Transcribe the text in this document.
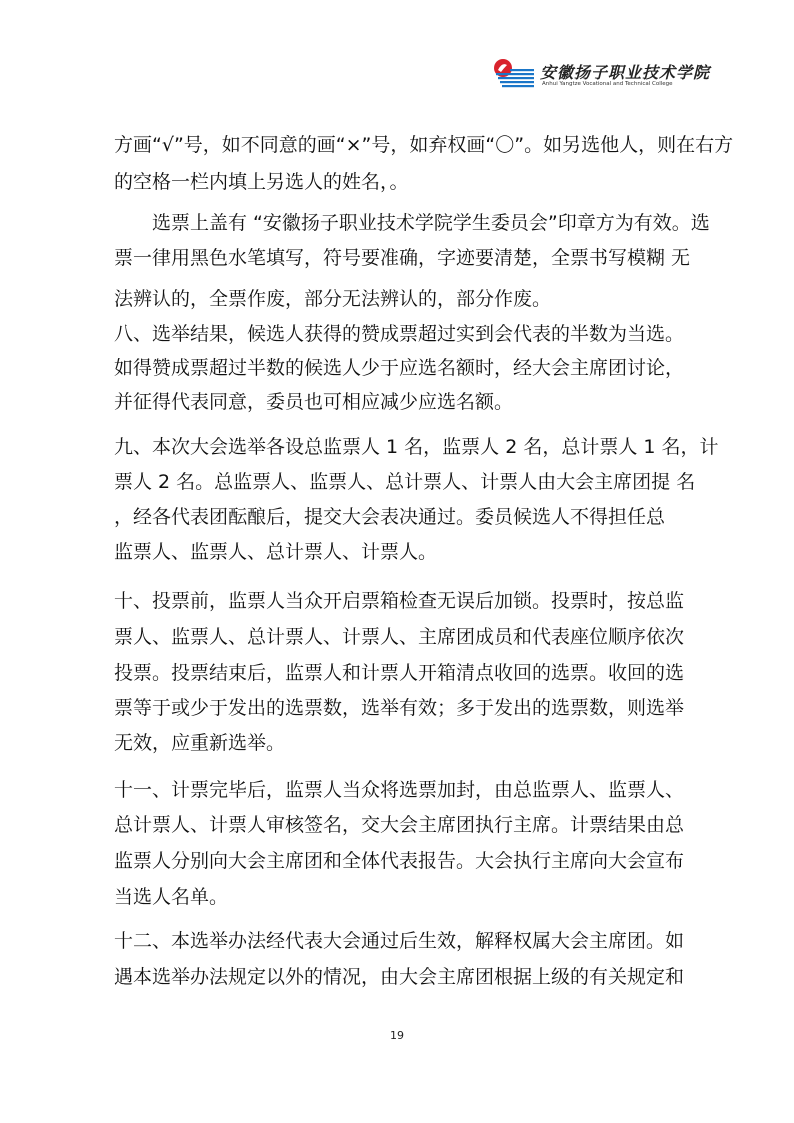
安徽扬子职业技术学院
Anhui Yangtze Vocational and Technical College
方画“√”号，如不同意的画“×”号，如弃权画“〇”。如另选他人，则在右方
的空格一栏内填上另选人的姓名，。
　　选票上盖有 “安徽扬子职业技术学院学生委员会”印章方为有效。选
票一律用黑色水笔填写，符号要准确，字迹要清楚，全票书写模糊 无
法辨认的，全票作废，部分无法辨认的，部分作废。
八、选举结果，候选人获得的赞成票超过实到会代表的半数为当选。
如得赞成票超过半数的候选人少于应选名额时，经大会主席团讨论，
并征得代表同意，委员也可相应减少应选名额。
九、本次大会选举各设总监票人 1 名，监票人 2 名，总计票人 1 名，计
票人 2 名。总监票人、监票人、总计票人、计票人由大会主席团提 名
，经各代表团酝酿后，提交大会表决通过。委员候选人不得担任总
监票人、监票人、总计票人、计票人。
十、投票前，监票人当众开启票箱检查无误后加锁。投票时，按总监
票人、监票人、总计票人、计票人、主席团成员和代表座位顺序依次
投票。投票结束后，监票人和计票人开箱清点收回的选票。收回的选
票等于或少于发出的选票数，选举有效；多于发出的选票数，则选举
无效，应重新选举。
十一、计票完毕后，监票人当众将选票加封，由总监票人、监票人、
总计票人、计票人审核签名，交大会主席团执行主席。计票结果由总
监票人分别向大会主席团和全体代表报告。大会执行主席向大会宣布
当选人名单。
十二、本选举办法经代表大会通过后生效，解释权属大会主席团。如
遇本选举办法规定以外的情况，由大会主席团根据上级的有关规定和
19
